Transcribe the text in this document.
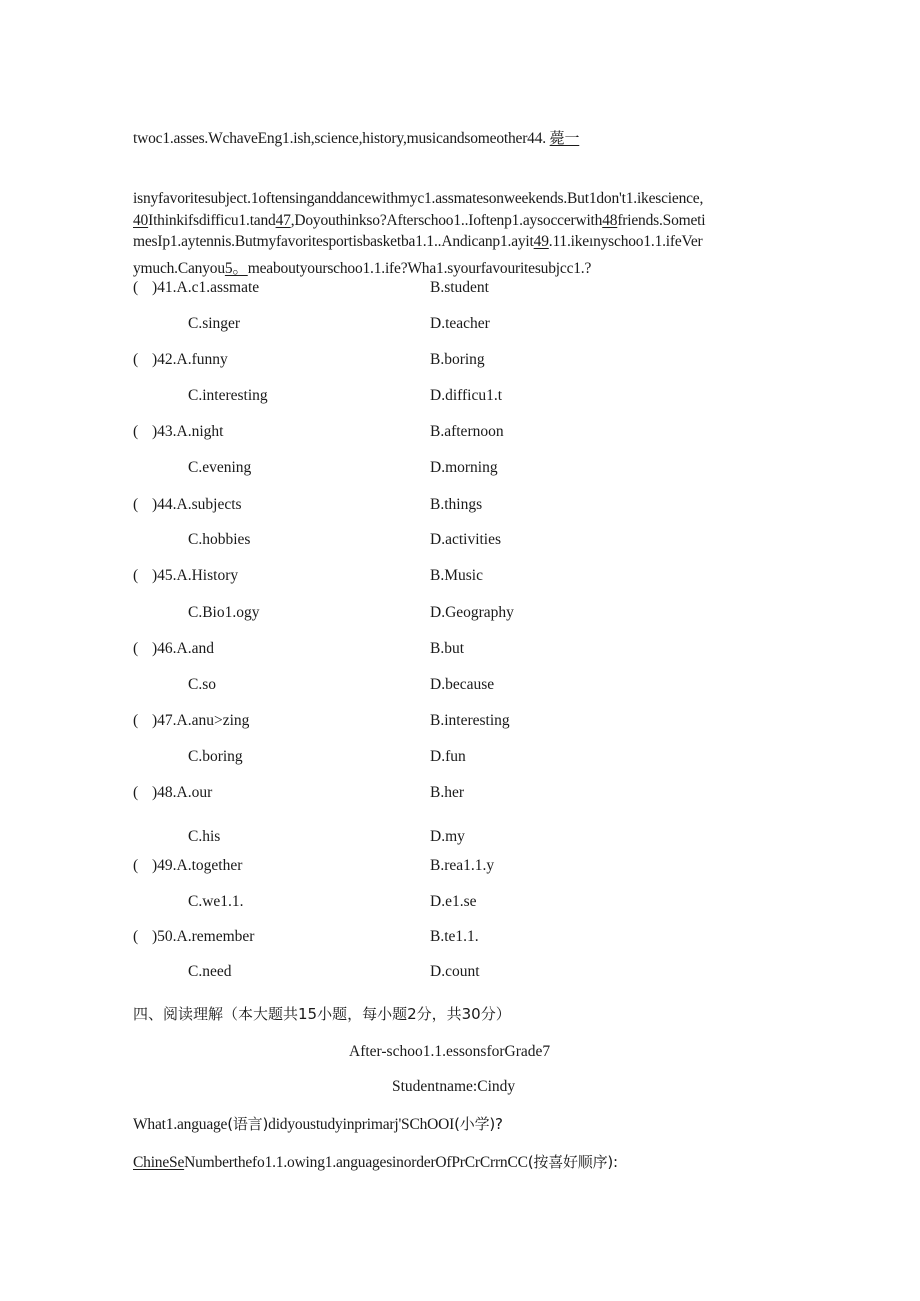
twoc1.asses.WchaveEng1.ish,science,history,musicandsomeother44. 薨一
isnyfavoritesubject.1oftensinganddancewithmyc1.assmatesonweekends.But1don't1.ikescience,
40Ithinkifsdifficu1.tand47,Doyouthinkso?Afterschoo1..Ioftenp1.aysoccerwith48friends.Someti
mesIp1.aytennis.Butmyfavoritesportisbasketba1.1..Andicanp1.ayit49.11.ikeınyschoo1.1.ifeVer
ymuch.Canyou5。meaboutyourschoo1.1.ife?Wha1.syourfavouritesubjcc1.?
( )41.A.c1.assmate	B.student
C.singer	D.teacher
( )42.A.funny	B.boring
C.interesting	D.difficu1.t
( )43.A.night	B.afternoon
C.evening	D.morning
( )44.A.subjects	B.things
C.hobbies	D.activities
( )45.A.History	B.Music
C.Bio1.ogy	D.Geography
( )46.A.and	B.but
C.so	D.because
( )47.A.anu>zing	B.interesting
C.boring	D.fun
( )48.A.our	B.her
C.his	D.my
( )49.A.together	B.rea1.1.y
C.we1.1.	D.e1.se
( )50.A.remember	B.te1.1.
C.need	D.count
四、阅读理解（本大题共15小题，每小题2分，共30分）
After-schoo1.1.essonsforGrade7
Studentname:Cindy
What1.anguage(语言)didyoustudyinprimarj'SChOOI(小学)?
ChineSeNumberthefo1.1.owing1.anguagesinorderOfPrCrCrrnCC(按喜好顺序):
